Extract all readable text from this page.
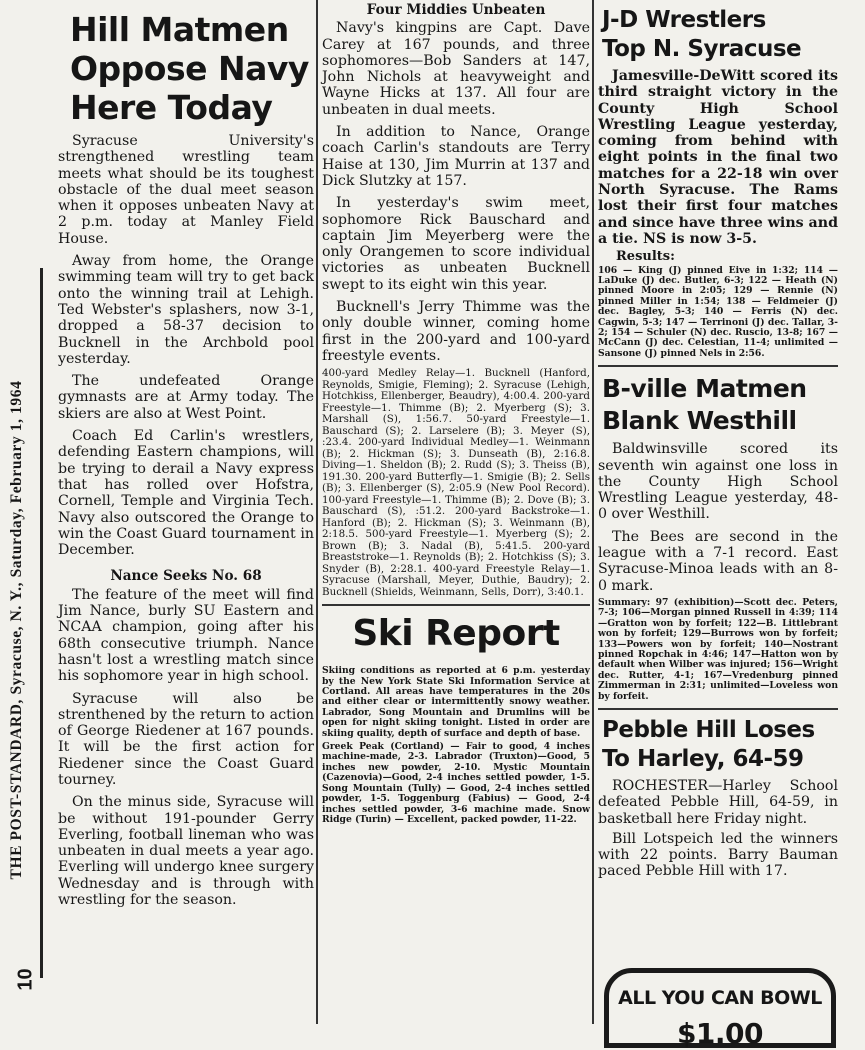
THE POST-STANDARD, Syracuse, N. Y., Saturday, February 1, 1964
10
Hill Matmen
Oppose Navy
Here Today

Syracuse University's strengthened wrestling team meets what should be its toughest obstacle of the dual meet season when it opposes unbeaten Navy at 2 p.m. today at Manley Field House.

Away from home, the Orange swimming team will try to get back onto the winning trail at Lehigh. Ted Webster's splashers, now 3-1, dropped a 58-37 decision to Bucknell in the Archbold pool yesterday.

The undefeated Orange gymnasts are at Army today. The skiers are also at West Point.

Coach Ed Carlin's wrestlers, defending Eastern champions, will be trying to derail a Navy express that has rolled over Hofstra, Cornell, Temple and Virginia Tech. Navy also outscored the Orange to win the Coast Guard tournament in December.

Nance Seeks No. 68

The feature of the meet will find Jim Nance, burly SU Eastern and NCAA champion, going after his 68th consecutive triumph. Nance hasn't lost a wrestling match since his sophomore year in high school.

Syracuse will also be strenthened by the return to action of George Riedener at 167 pounds. It will be the first action for Riedener since the Coast Guard tourney.

On the minus side, Syracuse will be without 191-pounder Gerry Everling, football lineman who was unbeaten in dual meets a year ago. Everling will undergo knee surgery Wednesday and is through with wrestling for the season.

Four Middies Unbeaten

Navy's kingpins are Capt. Dave Carey at 167 pounds, and three sophomores—Bob Sanders at 147, John Nichols at heavyweight and Wayne Hicks at 137. All four are unbeaten in dual meets.

In addition to Nance, Orange coach Carlin's standouts are Terry Haise at 130, Jim Murrin at 137 and Dick Slutzky at 157.

In yesterday's swim meet, sophomore Rick Bauschard and captain Jim Meyerberg were the only Orangemen to score individual victories as unbeaten Bucknell swept to its eight win this year.

Bucknell's Jerry Thimme was the only double winner, coming home first in the 200-yard and 100-yard freestyle events.

400-yard Medley Relay—1. Bucknell (Hanford, Reynolds, Smigie, Fleming); 2. Syracuse (Lehigh, Hotchkiss, Ellenberger, Beaudry), 4:00.4. 200-yard Freestyle—1. Thimme (B); 2. Myerberg (S); 3. Marshall (S), 1:56.7. 50-yard Freestyle—1. Bauschard (S); 2. Larselere (B); 3. Meyer (S), :23.4. 200-yard Individual Medley—1. Weinmann (B); 2. Hickman (S); 3. Dunseath (B), 2:16.8. Diving—1. Sheldon (B); 2. Rudd (S); 3. Theiss (B), 191.30. 200-yard Butterfly—1. Smigie (B); 2. Sells (B); 3. Ellenberger (S), 2:05.9 (New Pool Record). 100-yard Freestyle—1. Thimme (B); 2. Dove (B); 3. Bauschard (S), :51.2. 200-yard Backstroke—1. Hanford (B); 2. Hickman (S); 3. Weinmann (B), 2:18.5. 500-yard Freestyle—1. Myerberg (S); 2. Brown (B); 3. Nadal (B), 5:41.5. 200-yard Breaststroke—1. Reynolds (B); 2. Hotchkiss (S); 3. Snyder (B), 2:28.1. 400-yard Freestyle Relay—1. Syracuse (Marshall, Meyer, Duthie, Baudry); 2. Bucknell (Shields, Weinmann, Sells, Dorr), 3:40.1.

Ski Report

Skiing conditions as reported at 6 p.m. yesterday by the New York State Ski Information Service at Cortland. All areas have temperatures in the 20s and either clear or intermittently snowy weather. Labrador, Song Mountain and Drumlins will be open for night skiing tonight. Listed in order are skiing quality, depth of surface and depth of base.

Greek Peak (Cortland) — Fair to good, 4 inches machine-made, 2-3. Labrador (Truxton)—Good, 5 inches new powder, 2-10. Mystic Mountain (Cazenovia)—Good, 2-4 inches settled powder, 1-5. Song Mountain (Tully) — Good, 2-4 inches settled powder, 1-5. Toggenburg (Fabius) — Good, 2-4 inches settled powder, 3-6 machine made. Snow Ridge (Turin) — Excellent, packed powder, 11-22.

J-D Wrestlers
Top N. Syracuse

Jamesville-DeWitt scored its third straight victory in the County High School Wrestling League yesterday, coming from behind with eight points in the final two matches for a 22-18 win over North Syracuse. The Rams lost their first four matches and since have three wins and a tie. NS is now 3-5.

Results:

106 — King (J) pinned Eive in 1:32; 114 — LaDuke (J) dec. Butler, 6-3; 122 — Heath (N) pinned Moore in 2:05; 129 — Rennie (N) pinned Miller in 1:54; 138 — Feldmeier (J) dec. Bagley, 5-3; 140 — Ferris (N) dec. Cagwin, 5-3; 147 — Terrinoni (J) dec. Tallar, 3-2; 154 — Schuler (N) dec. Ruscio, 13-8; 167 — McCann (J) dec. Celestian, 11-4; unlimited — Sansone (J) pinned Nels in 2:56.

B-ville Matmen
Blank Westhill

Baldwinsville scored its seventh win against one loss in the County High School Wrestling League yesterday, 48-0 over Westhill.

The Bees are second in the league with a 7-1 record. East Syracuse-Minoa leads with an 8-0 mark.

Summary: 97 (exhibition)—Scott dec. Peters, 7-3; 106—Morgan pinned Russell in 4:39; 114—Gratton won by forfeit; 122—B. Littlebrant won by forfeit; 129—Burrows won by forfeit; 133—Powers won by forfeit; 140—Nostrant pinned Ropchak in 4:46; 147—Hatton won by default when Wilber was injured; 156—Wright dec. Rutter, 4-1; 167—Vredenburg pinned Zimmerman in 2:31; unlimited—Loveless won by forfeit.

Pebble Hill Loses
To Harley, 64-59

ROCHESTER—Harley School defeated Pebble Hill, 64-59, in basketball here Friday night.

Bill Lotspeich led the winners with 22 points. Barry Bauman paced Pebble Hill with 17.

ALL YOU CAN BOWL
$1.00
